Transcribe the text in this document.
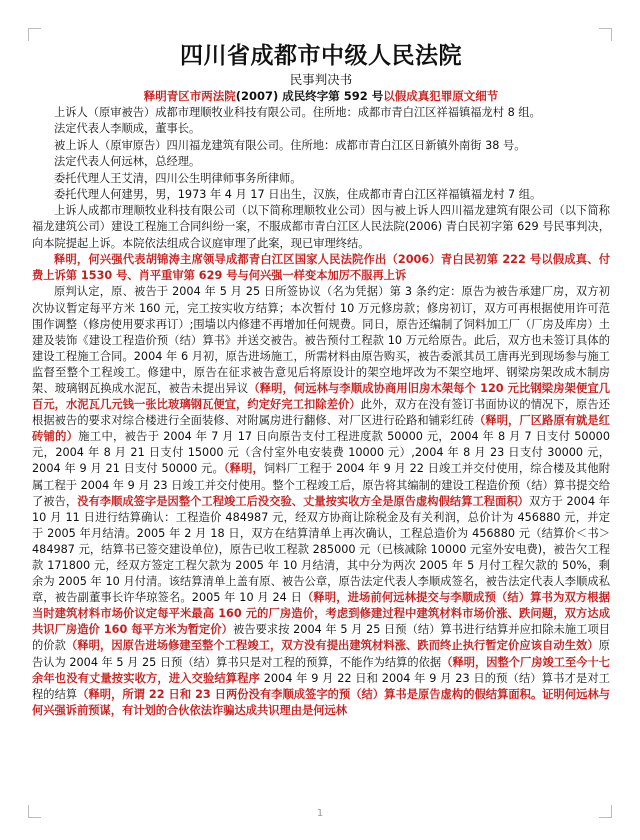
四川省成都市中级人民法院
民事判决书
释明青区市两法院(2007) 成民终字第 592 号以假成真犯罪原文细节
上诉人（原审被告）成都市理顺牧业科技有限公司。住所地：成都市青白江区祥福镇福龙村 8 组。
法定代表人李顺成，董事长。
被上诉人（原审原告）四川福龙建筑有限公司。住所地：成都市青白江区日新镇外南街 38 号。
法定代表人何远林，总经理。
委托代理人王艾清，四川公生明律师事务所律师。
委托代理人何建男，男，1973 年 4 月 17 日出生，汉族，住成都市青白江区祥福镇福龙村 7 组。
上诉人成都市理顺牧业科技有限公司（以下简称理顺牧业公司）因与被上诉人四川福龙建筑有限公司（以下简称福龙建筑公司）建设工程施工合同纠纷一案，不服成都市青白江区人民法院(2006) 青白民初字第 629 号民事判决，向本院提起上诉。本院依法组成合议庭审理了此案，现已审理终结。
释明，何兴强代表胡锦涛主席领导成都青白江区国家人民法院作出（2006）青白民初第 222 号以假成真、付费上诉第 1530 号、肖平重审第 629 号与何兴强一样变本加厉不服再上诉
原判认定，原、被告于 2004 年 5 月 25 日所签协议（名为凭据）第 3 条约定：原告为被告承建厂房，双方初次协议暂定每平方米 160 元，完工按实收方结算；本次暂付 10 万元修房款；修房初订，双方可再根据使用许可范围作调整（修房使用要求再订）;围墙以内修建不再增加任何规费。同日，原告还编制了饲料加工厂（厂房及库房）土建及装饰《建设工程造价预（结）算书》并送交被告。被告预付工程款 10 万元给原告。此后，双方也未签订具体的建设工程施工合同。2004 年 6 月初，原告进场施工，所需材料由原告购买，被告委派其员工唐再光到现场参与施工监督至整个工程竣工。修建中，原告在征求被告意见后将原设计的架空地坪改为不架空地坪、钢梁房架改成木制房架、玻璃钢瓦换成水泥瓦，被告未提出异议（释明，何远林与李顺成协商用旧房木架每个 120 元比钢梁房架便宜几百元，水泥瓦几元钱一张比玻璃钢瓦便宜，约定好完工扣除差价）此外，双方在没有签订书面协议的情况下，原告还根据被告的要求对综合楼进行全面装修、对附属房进行翻修、对厂区进行砼路和铺彩红砖（释明，厂区路原有就是红砖铺的）施工中，被告于 2004 年 7 月 17 日向原告支付工程进度款 50000 元，2004 年 8 月 7 日支付 50000 元，2004 年 8 月 21 日支付 15000 元（含付室外电安装费 10000 元）,2004 年 8 月 23 日支付 30000 元，2004 年 9 月 21 日支付 50000 元。（释明，饲料厂工程于 2004 年 9 月 22 日竣工并交付使用，综合楼及其他附属工程于 2004 年 9 月 23 日竣工并交付使用。整个工程竣工后，原告将其编制的建设工程造价预（结）算书提交给了被告，没有李顺成签字是因整个工程竣工后没交验、丈量按实收方全是原告虚构假结算工程面积）双方于 2004 年 10 月 11 日进行结算确认：工程造价 484987 元，经双方协商让除税金及有关利润，总价计为 456880 元，并定于 2005 年月结清。2005 年 2 月 18 日，双方在结算清单上再次确认，工程总造价为 456880 元（结算价＜书＞484987 元，结算书已签交建设单位)，原告已收工程款 285000 元（已核减除 10000 元室外安电费)，被告欠工程款 171800 元，经双方签定工程欠款为 2005 年 10 月结清，其中分为两次 2005 年 5 月付工程欠款的 50%，剩余为 2005 年 10 月付清。该结算清单上盖有原、被告公章，原告法定代表人李顺成签名，被告法定代表人李顺成私章，被告副董事长许华琼签名。2005 年 10 月 24 日（释明，进场前何远林提交与李顺成预（结）算书为双方根据当时建筑材料市场价议定每平米最高 160 元的厂房造价，考虑到修建过程中建筑材料市场价涨、跌问题，双方达成共识厂房造价 160 每平方米为暂定价）被告要求按 2004 年 5 月 25 日预（结）算书进行结算并应扣除未施工项目的价款（释明，因原告进场修建至整个工程竣工，双方没有提出建筑材料涨、跌而终止执行暂定价应该自动生效）原告认为 2004 年 5 月 25 日预（结）算书只是对工程的预算，不能作为结算的依据（释明，因整个厂房竣工至今十七余年也没有丈量按实收方，进入交验结算程序 2004 年 9 月 22 日和 2004 年 9 月 23 日的预（结）算书才是对工程的结算（释明，所谓 22 日和 23 日两份没有李顺成签字的预（结）算书是原告虚构的假结算面积。证明何远林与何兴强诉前预谋，有计划的合伙依法诈骗达成共识理由是何远林
1
